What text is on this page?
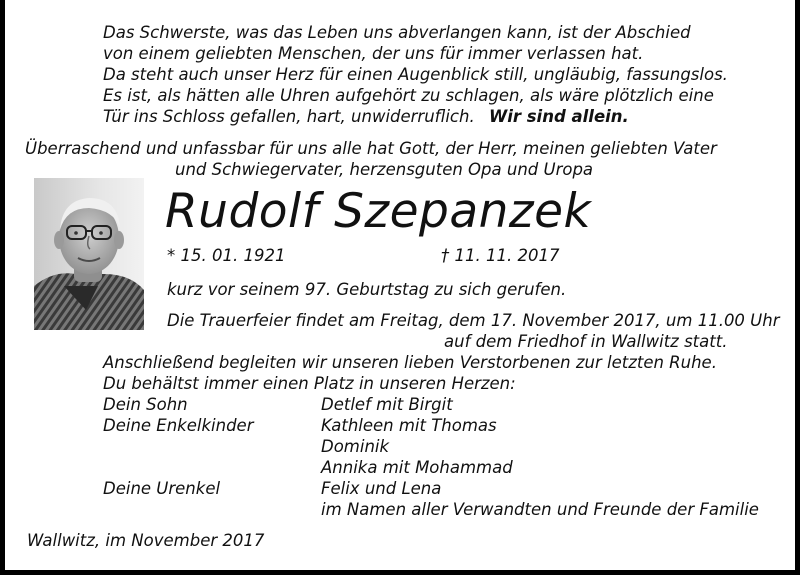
Das Schwerste, was das Leben uns abverlangen kann, ist der Abschied
von einem geliebten Menschen, der uns für immer verlassen hat.
Da steht auch unser Herz für einen Augenblick still, ungläubig, fassungslos.
Es ist, als hätten alle Uhren aufgehört zu schlagen, als wäre plötzlich eine
Tür ins Schloss gefallen, hart, unwiderruflich. Wir sind allein.
Überraschend und unfassbar für uns alle hat Gott, der Herr, meinen geliebten Vater
und Schwiegervater, herzensguten Opa und Uropa
Rudolf Szepanzek
* 15. 01. 1921	† 11. 11. 2017
kurz vor seinem 97. Geburtstag zu sich gerufen.
Die Trauerfeier findet am Freitag, dem 17. November 2017, um 11.00 Uhr
auf dem Friedhof in Wallwitz statt.
Anschließend begleiten wir unseren lieben Verstorbenen zur letzten Ruhe.
Du behältst immer einen Platz in unseren Herzen:
Dein Sohn	Detlef mit Birgit
Deine Enkelkinder	Kathleen mit Thomas
Dominik
Annika mit Mohammad
Deine Urenkel	Felix und Lena
im Namen aller Verwandten und Freunde der Familie
Wallwitz, im November 2017
